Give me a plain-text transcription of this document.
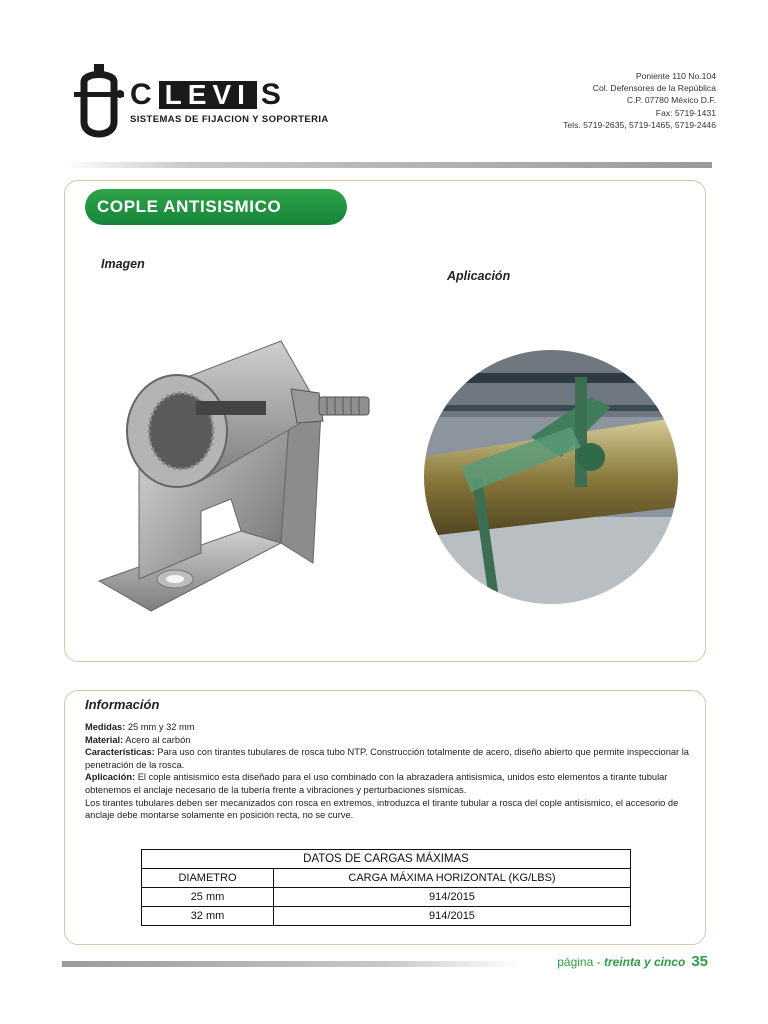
C LEVI S
SISTEMAS DE FIJACION Y SOPORTERIA
Poniente 110 No.104
Col. Defensores de la República
C.P. 07780 México D.F.
Fax: 5719-1431
Tels. 5719-2635, 5719-1465, 5719-2446
COPLE ANTISISMICO
Imagen
Aplicación
Información
Medidas: 25 mm y 32 mm
Material: Acero al carbón
Características: Para uso con tirantes tubulares de rosca tubo NTP. Construcción totalmente de acero, diseño abierto que permite inspeccionar la penetración de la rosca.
Aplicación: El cople antisismico esta diseñado para el uso combinado con la abrazadera antisismica, unidos esto elementos a tirante tubular obtenemos el anclaje necesario de la tubería frente a vibraciones y perturbaciones sísmicas.
Los tirantes tubulares deben ser mecanizados con rosca en extremos, introduzca el tirante tubular a rosca del cople antisismico, el accesorio de anclaje debe montarse solamente en posición recta, no se curve.
DATOS DE CARGAS MÁXIMAS	
DIAMETRO	CARGA MÁXIMA HORIZONTAL (KG/LBS)
25 mm	914/2015
32 mm	914/2015
página - treinta y cinco 35
